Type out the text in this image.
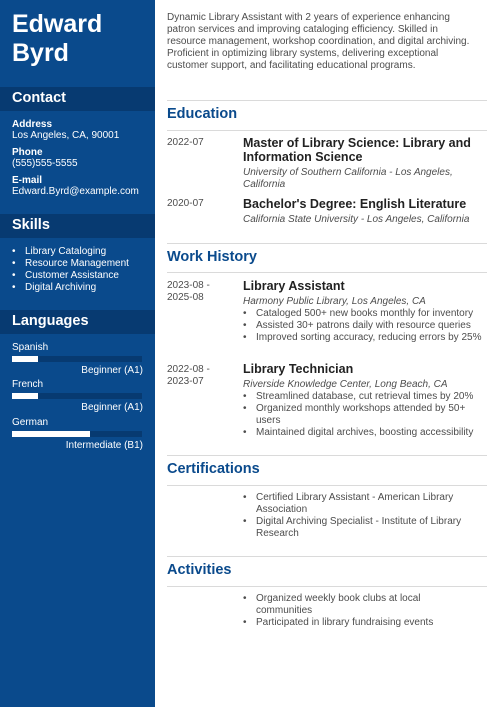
Edward
Byrd
Contact
Address
Los Angeles, CA, 90001
Phone
(555)555-5555
E-mail
Edward.Byrd@example.com
Skills
• Library Cataloging
• Resource Management
• Customer Assistance
• Digital Archiving
Languages
Spanish
Beginner (A1)
French
Beginner (A1)
German
Intermediate (B1)
Dynamic Library Assistant with 2 years of experience enhancing patron services and improving cataloging efficiency. Skilled in resource management, workshop coordination, and digital archiving. Proficient in optimizing library systems, delivering exceptional customer support, and facilitating educational programs.
Education
2022-07	Master of Library Science: Library and Information Science
University of Southern California - Los Angeles, California
2020-07	Bachelor's Degree: English Literature
California State University - Los Angeles, California
Work History
2023-08 -
2025-08
Library Assistant
Harmony Public Library, Los Angeles, CA
• Cataloged 500+ new books monthly for inventory
• Assisted 30+ patrons daily with resource queries
• Improved sorting accuracy, reducing errors by 25%
2022-08 -
2023-07
Library Technician
Riverside Knowledge Center, Long Beach, CA
• Streamlined database, cut retrieval times by 20%
• Organized monthly workshops attended by 50+ users
• Maintained digital archives, boosting accessibility
Certifications
• Certified Library Assistant - American Library Association
• Digital Archiving Specialist - Institute of Library Research
Activities
• Organized weekly book clubs at local communities
• Participated in library fundraising events
